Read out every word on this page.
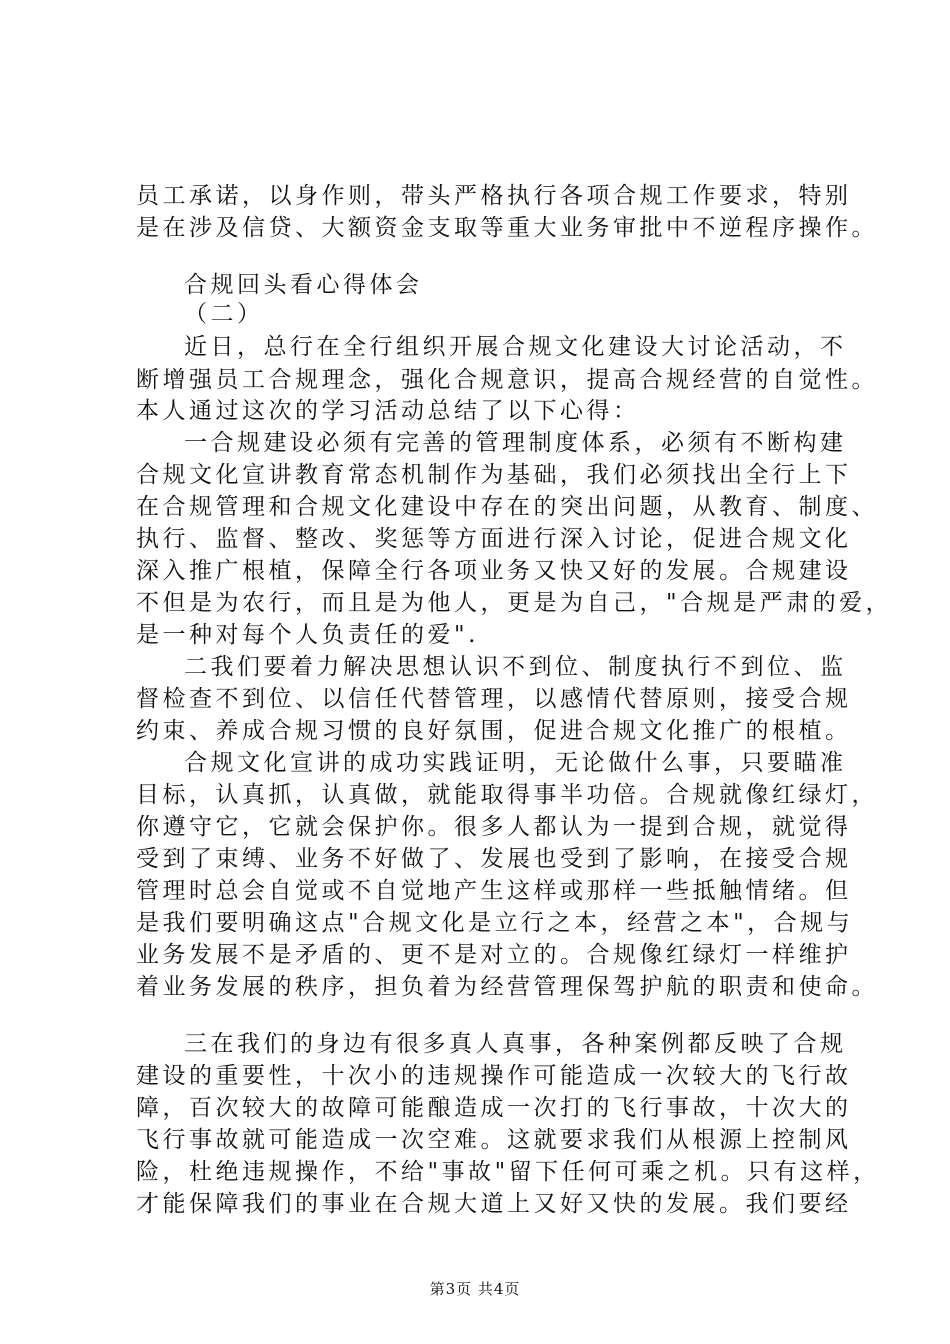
员工承诺，以身作则，带头严格执行各项合规工作要求，特别
是在涉及信贷、大额资金支取等重大业务审批中不逆程序操作。
合规回头看心得体会
（二）
近日，总行在全行组织开展合规文化建设大讨论活动，不
断增强员工合规理念，强化合规意识，提高合规经营的自觉性。
本人通过这次的学习活动总结了以下心得：
一合规建设必须有完善的管理制度体系，必须有不断构建
合规文化宣讲教育常态机制作为基础，我们必须找出全行上下
在合规管理和合规文化建设中存在的突出问题，从教育、制度、
执行、监督、整改、奖惩等方面进行深入讨论，促进合规文化
深入推广根植，保障全行各项业务又快又好的发展。合规建设
不但是为农行，而且是为他人，更是为自己，"合规是严肃的爱，
是一种对每个人负责任的爱".
二我们要着力解决思想认识不到位、制度执行不到位、监
督检查不到位、以信任代替管理，以感情代替原则，接受合规
约束、养成合规习惯的良好氛围，促进合规文化推广的根植。
合规文化宣讲的成功实践证明，无论做什么事，只要瞄准
目标，认真抓，认真做，就能取得事半功倍。合规就像红绿灯，
你遵守它，它就会保护你。很多人都认为一提到合规，就觉得
受到了束缚、业务不好做了、发展也受到了影响，在接受合规
管理时总会自觉或不自觉地产生这样或那样一些抵触情绪。但
是我们要明确这点"合规文化是立行之本，经营之本"，合规与
业务发展不是矛盾的、更不是对立的。合规像红绿灯一样维护
着业务发展的秩序，担负着为经营管理保驾护航的职责和使命。
三在我们的身边有很多真人真事，各种案例都反映了合规
建设的重要性，十次小的违规操作可能造成一次较大的飞行故
障，百次较大的故障可能酿造成一次打的飞行事故，十次大的
飞行事故就可能造成一次空难。这就要求我们从根源上控制风
险，杜绝违规操作，不给"事故"留下任何可乘之机。只有这样，
才能保障我们的事业在合规大道上又好又快的发展。我们要经
第3页 共4页
